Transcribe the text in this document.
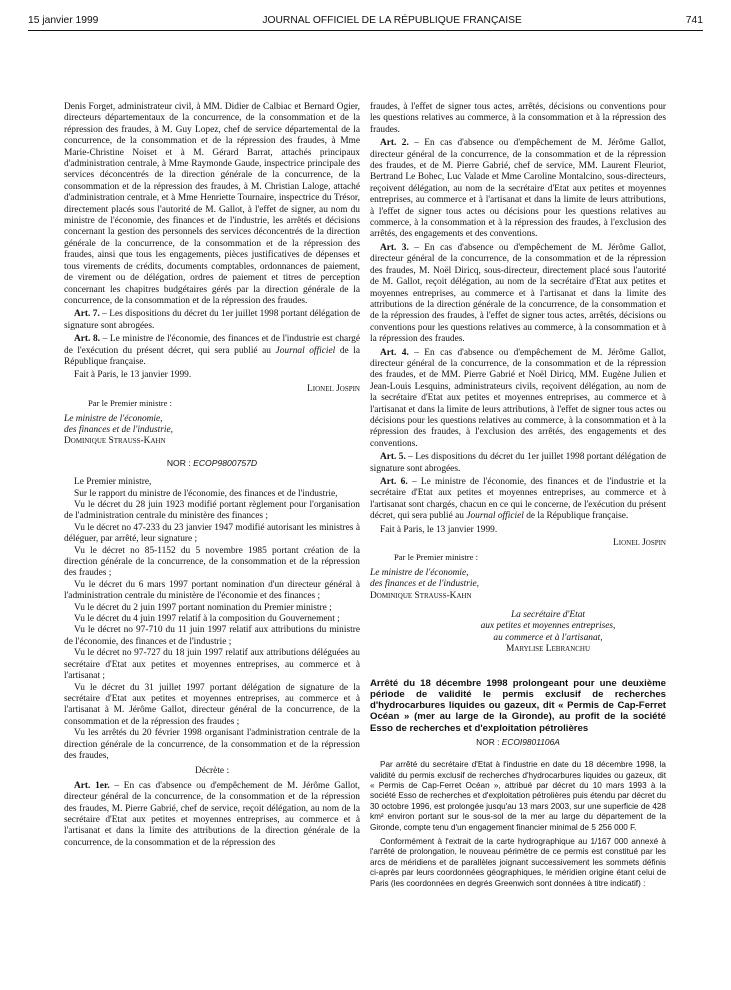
15 janvier 1999	JOURNAL OFFICIEL DE LA RÉPUBLIQUE FRANÇAISE	741

Denis Forget, administrateur civil, à MM. Didier de Calbiac et Bernard Ogier, directeurs départementaux de la concurrence, de la consommation et de la répression des fraudes, à M. Guy Lopez, chef de service départemental de la concurrence, de la consommation et de la répression des fraudes, à Mme Marie-Christine Noiset et à M. Gérard Barrat, attachés principaux d'administration centrale, à Mme Raymonde Gaude, inspectrice principale des services déconcentrés de la direction générale de la concurrence, de la consommation et de la répression des fraudes, à M. Christian Laloge, attaché d'administration centrale, et à Mme Henriette Tournaire, inspectrice du Trésor, directement placés sous l'autorité de M. Gallot, à l'effet de signer, au nom du ministre de l'économie, des finances et de l'industrie, les arrêtés et décisions concernant la gestion des personnels des services déconcentrés de la direction générale de la concurrence, de la consommation et de la répression des fraudes, ainsi que tous les engagements, pièces justificatives de dépenses et tous virements de crédits, documents comptables, ordonnances de paiement, de virement ou de délégation, ordres de paiement et titres de perception concernant les chapitres budgétaires gérés par la direction générale de la concurrence, de la consommation et de la répression des fraudes.

Art. 7. – Les dispositions du décret du 1er juillet 1998 portant délégation de signature sont abrogées.

Art. 8. – Le ministre de l'économie, des finances et de l'industrie est chargé de l'exécution du présent décret, qui sera publié au Journal officiel de la République française.

Fait à Paris, le 13 janvier 1999.

Lionel Jospin
Par le Premier ministre :
Le ministre de l'économie,
des finances et de l'industrie,
Dominique Strauss-Kahn
NOR : ECOP9800757D

Le Premier ministre,

Sur le rapport du ministre de l'économie, des finances et de l'industrie,

Vu le décret du 28 juin 1923 modifié portant règlement pour l'organisation de l'administration centrale du ministère des finances ;

Vu le décret no 47-233 du 23 janvier 1947 modifié autorisant les ministres à déléguer, par arrêté, leur signature ;

Vu le décret no 85-1152 du 5 novembre 1985 portant création de la direction générale de la concurrence, de la consommation et de la répression des fraudes ;

Vu le décret du 6 mars 1997 portant nomination d'un directeur général à l'administration centrale du ministère de l'économie et des finances ;

Vu le décret du 2 juin 1997 portant nomination du Premier ministre ;

Vu le décret du 4 juin 1997 relatif à la composition du Gouvernement ;

Vu le décret no 97-710 du 11 juin 1997 relatif aux attributions du ministre de l'économie, des finances et de l'industrie ;

Vu le décret no 97-727 du 18 juin 1997 relatif aux attributions déléguées au secrétaire d'Etat aux petites et moyennes entreprises, au commerce et à l'artisanat ;

Vu le décret du 31 juillet 1997 portant délégation de signature de la secrétaire d'Etat aux petites et moyennes entreprises, au commerce et à l'artisanat à M. Jérôme Gallot, directeur général de la concurrence, de la consommation et de la répression des fraudes ;

Vu les arrêtés du 20 février 1998 organisant l'administration centrale de la direction générale de la concurrence, de la consommation et de la répression des fraudes,

Décrète :

Art. 1er. – En cas d'absence ou d'empêchement de M. Jérôme Gallot, directeur général de la concurrence, de la consommation et de la répression des fraudes, M. Pierre Gabrié, chef de service, reçoit délégation, au nom de la secrétaire d'Etat aux petites et moyennes entreprises, au commerce et à l'artisanat et dans la limite des attributions de la direction générale de la concurrence, de la consommation et de la répression des

fraudes, à l'effet de signer tous actes, arrêtés, décisions ou conventions pour les questions relatives au commerce, à la consommation et à la répression des fraudes.

Art. 2. – En cas d'absence ou d'empêchement de M. Jérôme Gallot, directeur général de la concurrence, de la consommation et de la répression des fraudes, et de M. Pierre Gabrié, chef de service, MM. Laurent Fleuriot, Bertrand Le Bohec, Luc Valade et Mme Caroline Montalcino, sous-directeurs, reçoivent délégation, au nom de la secrétaire d'Etat aux petites et moyennes entreprises, au commerce et à l'artisanat et dans la limite de leurs attributions, à l'effet de signer tous actes ou décisions pour les questions relatives au commerce, à la consommation et à la répression des fraudes, à l'exclusion des arrêtés, des engagements et des conventions.

Art. 3. – En cas d'absence ou d'empêchement de M. Jérôme Gallot, directeur général de la concurrence, de la consommation et de la répression des fraudes, M. Noël Diricq, sous-directeur, directement placé sous l'autorité de M. Gallot, reçoit délégation, au nom de la secrétaire d'Etat aux petites et moyennes entreprises, au commerce et à l'artisanat et dans la limite des attributions de la direction générale de la concurrence, de la consommation et de la répression des fraudes, à l'effet de signer tous actes, arrêtés, décisions ou conventions pour les questions relatives au commerce, à la consommation et à la répression des fraudes.

Art. 4. – En cas d'absence ou d'empêchement de M. Jérôme Gallot, directeur général de la concurrence, de la consommation et de la répression des fraudes, et de MM. Pierre Gabrié et Noël Diricq, MM. Eugène Julien et Jean-Louis Lesquins, administrateurs civils, reçoivent délégation, au nom de la secrétaire d'Etat aux petites et moyennes entreprises, au commerce et à l'artisanat et dans la limite de leurs attributions, à l'effet de signer tous actes ou décisions pour les questions relatives au commerce, à la consommation et à la répression des fraudes, à l'exclusion des arrêtés, des engagements et des conventions.

Art. 5. – Les dispositions du décret du 1er juillet 1998 portant délégation de signature sont abrogées.

Art. 6. – Le ministre de l'économie, des finances et de l'industrie et la secrétaire d'Etat aux petites et moyennes entreprises, au commerce et à l'artisanat sont chargés, chacun en ce qui le concerne, de l'exécution du présent décret, qui sera publié au Journal officiel de la République française.

Fait à Paris, le 13 janvier 1999.

Lionel Jospin
Par le Premier ministre :
Le ministre de l'économie,
des finances et de l'industrie,
Dominique Strauss-Kahn
La secrétaire d'Etat
aux petites et moyennes entreprises,
au commerce et à l'artisanat,
Marylise Lebranchu
Arrêté du 18 décembre 1998 prolongeant pour une deuxième période de validité le permis exclusif de recherches d'hydrocarbures liquides ou gazeux, dit « Permis de Cap-Ferret Océan » (mer au large de la Gironde), au profit de la société Esso de recherches et d'exploitation pétrolières
NOR : ECOI9801106A

Par arrêté du secrétaire d'Etat à l'industrie en date du 18 décembre 1998, la validité du permis exclusif de recherches d'hydrocarbures liquides ou gazeux, dit « Permis de Cap-Ferret Océan », attribué par décret du 10 mars 1993 à la société Esso de recherches et d'exploitation pétrolières puis étendu par décret du 30 octobre 1996, est prolongée jusqu'au 13 mars 2003, sur une superficie de 428 km² environ portant sur le sous-sol de la mer au large du département de la Gironde, compte tenu d'un engagement financier minimal de 5 256 000 F.

Conformément à l'extrait de la carte hydrographique au 1/167 000 annexé à l'arrêté de prolongation, le nouveau périmètre de ce permis est constitué par les arcs de méridiens et de parallèles joignant successivement les sommets définis ci-après par leurs coordonnées géographiques, le méridien origine étant celui de Paris (les coordonnées en degrés Greenwich sont données à titre indicatif) :
